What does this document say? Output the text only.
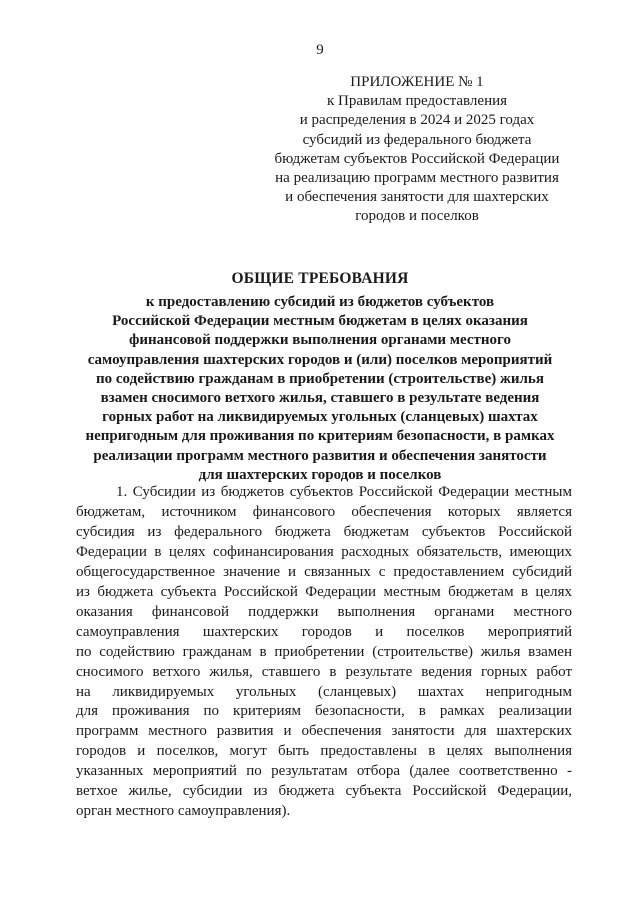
9
ПРИЛОЖЕНИЕ № 1
к Правилам предоставления
и распределения в 2024 и 2025 годах
субсидий из федерального бюджета
бюджетам субъектов Российской Федерации
на реализацию программ местного развития
и обеспечения занятости для шахтерских
городов и поселков
ОБЩИЕ ТРЕБОВАНИЯ
к предоставлению субсидий из бюджетов субъектов
Российской Федерации местным бюджетам в целях оказания
финансовой поддержки выполнения органами местного
самоуправления шахтерских городов и (или) поселков мероприятий
по содействию гражданам в приобретении (строительстве) жилья
взамен сносимого ветхого жилья, ставшего в результате ведения
горных работ на ликвидируемых угольных (сланцевых) шахтах
непригодным для проживания по критериям безопасности, в рамках
реализации программ местного развития и обеспечения занятости
для шахтерских городов и поселков
1. Субсидии из бюджетов субъектов Российской Федерации местным
бюджетам, источником финансового обеспечения которых является
субсидия из федерального бюджета бюджетам субъектов Российской
Федерации в целях софинансирования расходных обязательств, имеющих
общегосударственное значение и связанных с предоставлением субсидий
из бюджета субъекта Российской Федерации местным бюджетам в целях
оказания финансовой поддержки выполнения органами местного
самоуправления шахтерских городов и поселков мероприятий
по содействию гражданам в приобретении (строительстве) жилья взамен
сносимого ветхого жилья, ставшего в результате ведения горных работ
на ликвидируемых угольных (сланцевых) шахтах непригодным
для проживания по критериям безопасности, в рамках реализации
программ местного развития и обеспечения занятости для шахтерских
городов и поселков, могут быть предоставлены в целях выполнения
указанных мероприятий по результатам отбора (далее соответственно -
ветхое жилье, субсидии из бюджета субъекта Российской Федерации,
орган местного самоуправления).
